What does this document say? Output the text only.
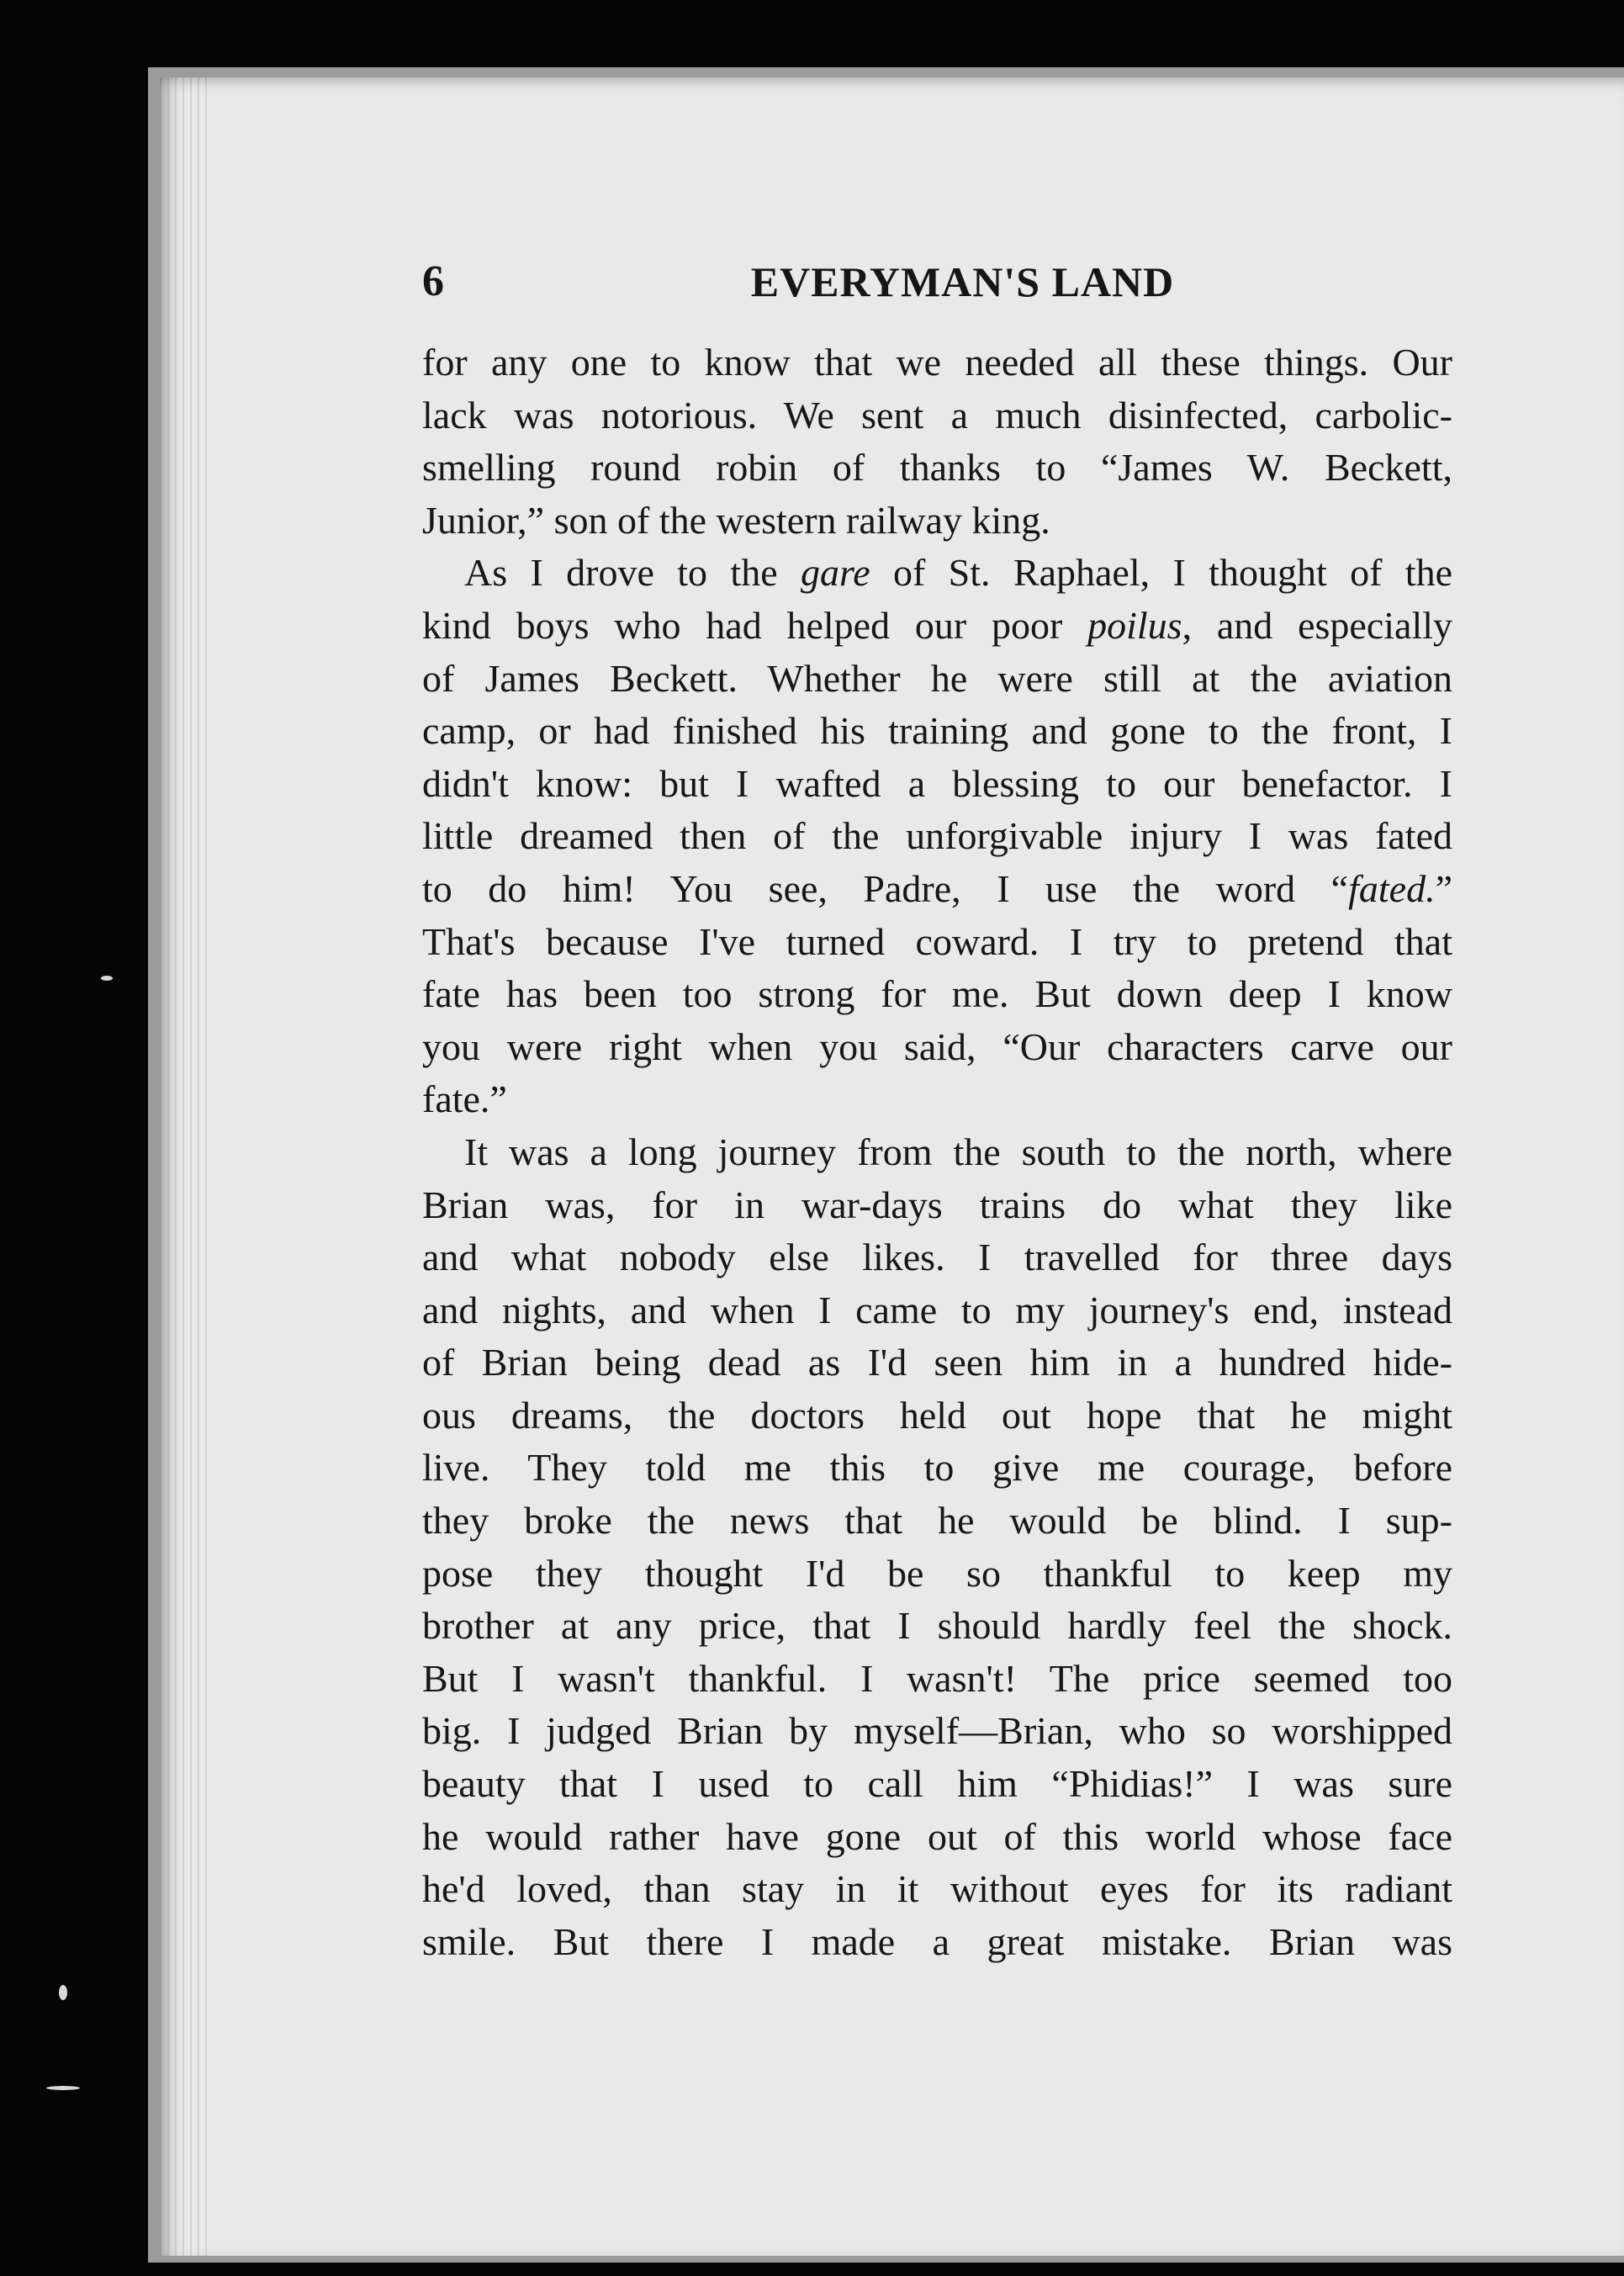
6	EVERYMAN'S LAND
for any one to know that we needed all these things. Our
lack was notorious. We sent a much disinfected, carbolic-
smelling round robin of thanks to “James W. Beckett,
Junior,” son of the western railway king.
As I drove to the gare of St. Raphael, I thought of the
kind boys who had helped our poor poilus, and especially
of James Beckett. Whether he were still at the aviation
camp, or had finished his training and gone to the front, I
didn't know: but I wafted a blessing to our benefactor. I
little dreamed then of the unforgivable injury I was fated
to do him! You see, Padre, I use the word “fated.”
That's because I've turned coward. I try to pretend that
fate has been too strong for me. But down deep I know
you were right when you said, “Our characters carve our
fate.”
It was a long journey from the south to the north, where
Brian was, for in war-days trains do what they like
and what nobody else likes. I travelled for three days
and nights, and when I came to my journey's end, instead
of Brian being dead as I'd seen him in a hundred hide-
ous dreams, the doctors held out hope that he might
live. They told me this to give me courage, before
they broke the news that he would be blind. I sup-
pose they thought I'd be so thankful to keep my
brother at any price, that I should hardly feel the shock.
But I wasn't thankful. I wasn't! The price seemed too
big. I judged Brian by myself—Brian, who so worshipped
beauty that I used to call him “Phidias!” I was sure
he would rather have gone out of this world whose face
he'd loved, than stay in it without eyes for its radiant
smile. But there I made a great mistake. Brian was
